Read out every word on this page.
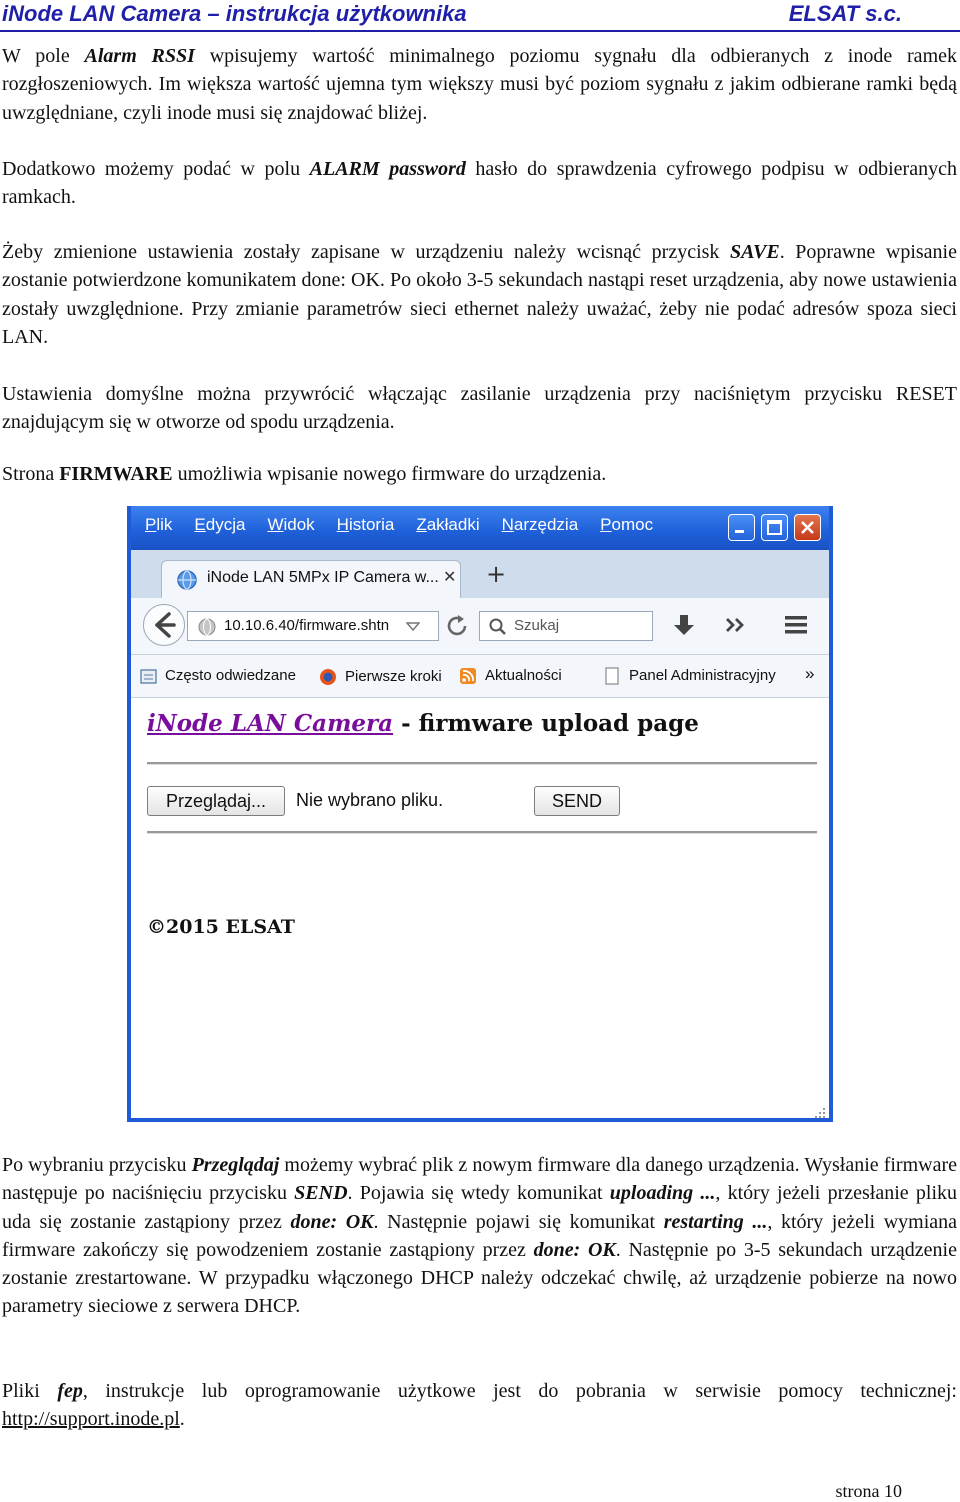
iNode LAN Camera – instrukcja użytkownika	ELSAT s.c.

W pole Alarm RSSI wpisujemy wartość minimalnego poziomu sygnału dla odbieranych z inode ramek rozgłoszeniowych. Im większa wartość ujemna tym większy musi być poziom sygnału z jakim odbierane ramki będą uwzględniane, czyli inode musi się znajdować bliżej.

Dodatkowo możemy podać w polu ALARM password hasło do sprawdzenia cyfrowego podpisu w odbieranych ramkach.

Żeby zmienione ustawienia zostały zapisane w urządzeniu należy wcisnąć przycisk SAVE. Poprawne wpisanie zostanie potwierdzone komunikatem done: OK. Po około 3-5 sekundach nastąpi reset urządzenia, aby nowe ustawienia zostały uwzględnione. Przy zmianie parametrów sieci ethernet należy uważać, żeby nie podać adresów spoza sieci LAN.

Ustawienia domyślne można przywrócić włączając zasilanie urządzenia przy naciśniętym przycisku RESET znajdującym się w otworze od spodu urządzenia.

Strona FIRMWARE umożliwia wpisanie nowego firmware do urządzenia.

Plik Edycja Widok Historia Zakładki Narzędzia Pomoc
iNode LAN 5MPx IP Camera w... ✕ +
10.10.6.40/firmware.shtn	Szukaj
Często odwiedzane	Pierwsze kroki	Aktualności	Panel Administracyjny »
iNode LAN Camera - firmware upload page
Przeglądaj...	Nie wybrano pliku.	SEND
©2015 ELSAT

Po wybraniu przycisku Przeglądaj możemy wybrać plik z nowym firmware dla danego urządzenia. Wysłanie firmware następuje po naciśnięciu przycisku SEND. Pojawia się wtedy komunikat uploading ..., który jeżeli przesłanie pliku uda się zostanie zastąpiony przez done: OK. Następnie pojawi się komunikat restarting ..., który jeżeli wymiana firmware zakończy się powodzeniem zostanie zastąpiony przez done: OK. Następnie po 3-5 sekundach urządzenie zostanie zrestartowane. W przypadku włączonego DHCP należy odczekać chwilę, aż urządzenie pobierze na nowo parametry sieciowe z serwera DHCP.

Pliki fep, instrukcje lub oprogramowanie użytkowe jest do pobrania w serwisie pomocy technicznej: http://support.inode.pl.

strona 10
